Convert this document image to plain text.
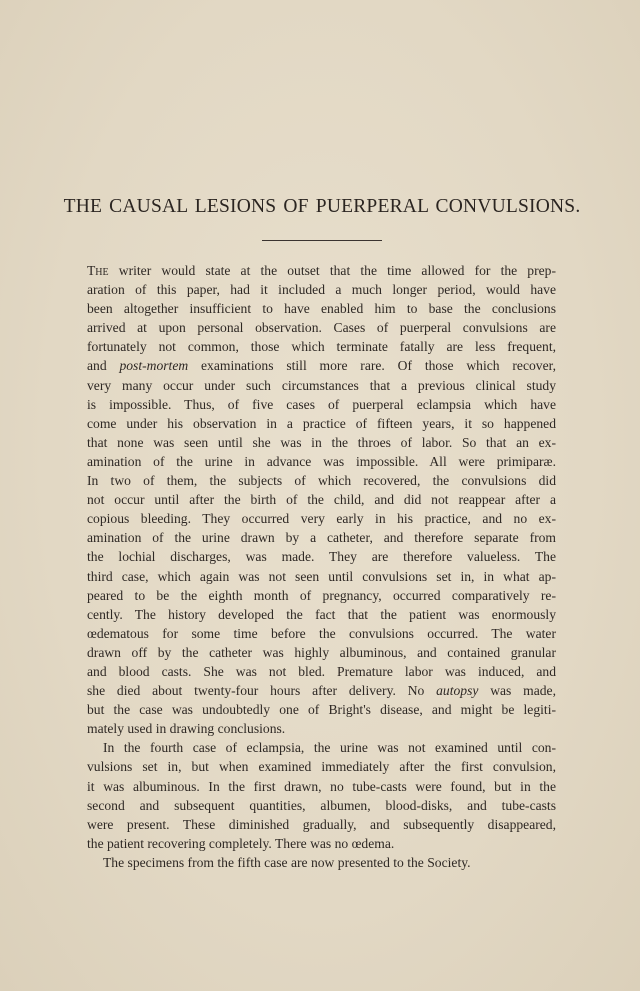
THE CAUSAL LESIONS OF PUERPERAL CONVULSIONS.
The writer would state at the outset that the time allowed for the prep-
aration of this paper, had it included a much longer period, would have
been altogether insufficient to have enabled him to base the conclusions
arrived at upon personal observation. Cases of puerperal convulsions are
fortunately not common, those which terminate fatally are less frequent,
and post-mortem examinations still more rare. Of those which recover,
very many occur under such circumstances that a previous clinical study
is impossible. Thus, of five cases of puerperal eclampsia which have
come under his observation in a practice of fifteen years, it so happened
that none was seen until she was in the throes of labor. So that an ex-
amination of the urine in advance was impossible. All were primiparæ.
In two of them, the subjects of which recovered, the convulsions did
not occur until after the birth of the child, and did not reappear after a
copious bleeding. They occurred very early in his practice, and no ex-
amination of the urine drawn by a catheter, and therefore separate from
the lochial discharges, was made. They are therefore valueless. The
third case, which again was not seen until convulsions set in, in what ap-
peared to be the eighth month of pregnancy, occurred comparatively re-
cently. The history developed the fact that the patient was enormously
œdematous for some time before the convulsions occurred. The water
drawn off by the catheter was highly albuminous, and contained granular
and blood casts. She was not bled. Premature labor was induced, and
she died about twenty-four hours after delivery. No autopsy was made,
but the case was undoubtedly one of Bright's disease, and might be legiti-
mately used in drawing conclusions.
In the fourth case of eclampsia, the urine was not examined until con-
vulsions set in, but when examined immediately after the first convulsion,
it was albuminous. In the first drawn, no tube-casts were found, but in the
second and subsequent quantities, albumen, blood-disks, and tube-casts
were present. These diminished gradually, and subsequently disappeared,
the patient recovering completely. There was no œdema.
The specimens from the fifth case are now presented to the Society.
